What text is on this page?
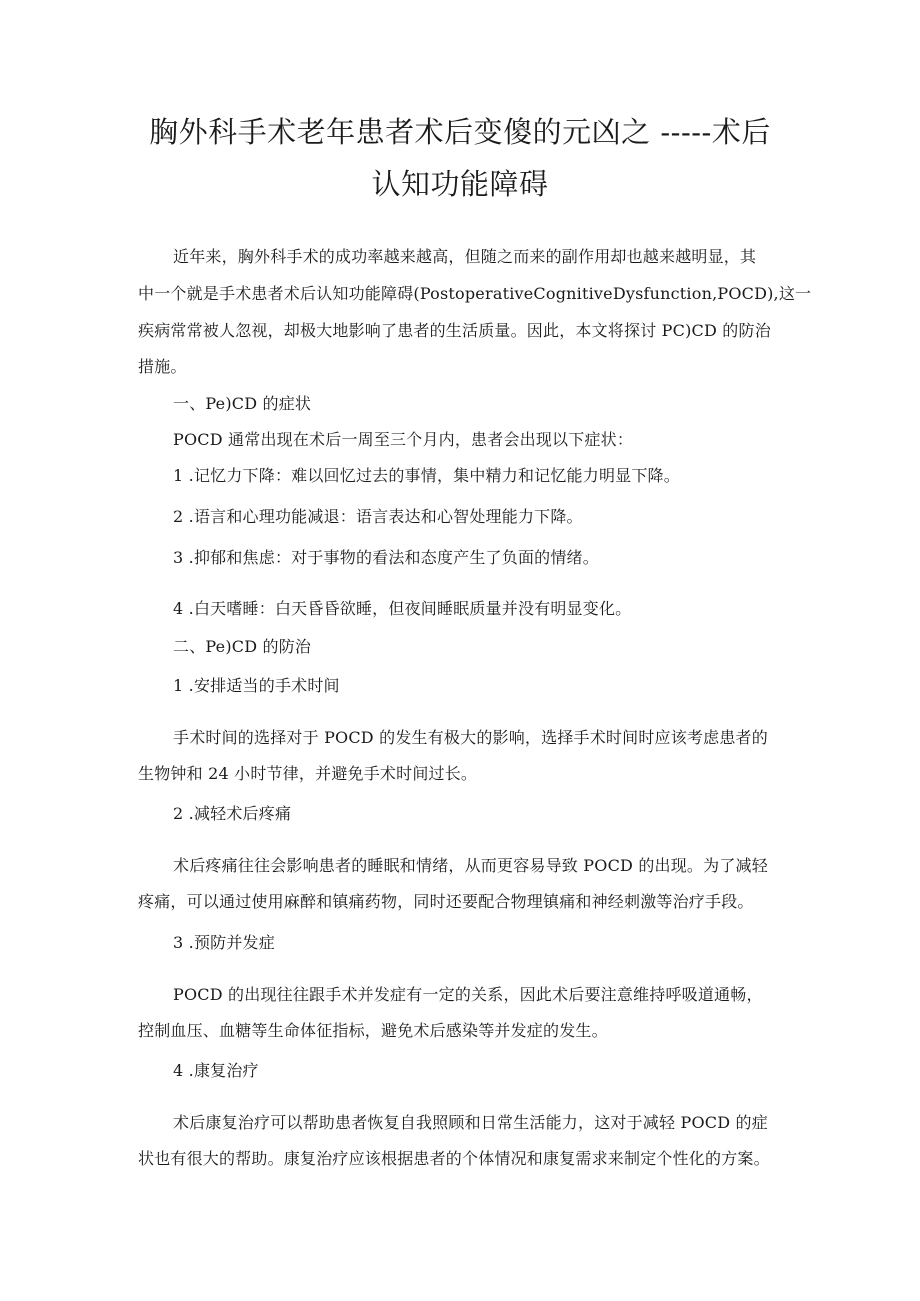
胸外科手术老年患者术后变傻的元凶之 -----术后
认知功能障碍
近年来，胸外科手术的成功率越来越高，但随之而来的副作用却也越来越明显，其
中一个就是手术患者术后认知功能障碍(PostoperativeCognitiveDysfunction,POCD),这一
疾病常常被人忽视，却极大地影响了患者的生活质量。因此，本文将探讨 PC)CD 的防治
措施。
一、Pe)CD 的症状
POCD 通常出现在术后一周至三个月内，患者会出现以下症状：
1 .记忆力下降：难以回忆过去的事情，集中精力和记忆能力明显下降。
2 .语言和心理功能减退：语言表达和心智处理能力下降。
3 .抑郁和焦虑：对于事物的看法和态度产生了负面的情绪。
4 .白天嗜睡：白天昏昏欲睡，但夜间睡眠质量并没有明显变化。
二、Pe)CD 的防治
1 .安排适当的手术时间
手术时间的选择对于 POCD 的发生有极大的影响，选择手术时间时应该考虑患者的
生物钟和 24 小时节律，并避免手术时间过长。
2 .减轻术后疼痛
术后疼痛往往会影响患者的睡眠和情绪，从而更容易导致 POCD 的出现。为了减轻
疼痛，可以通过使用麻醉和镇痛药物，同时还要配合物理镇痛和神经刺激等治疗手段。
3 .预防并发症
POCD 的出现往往跟手术并发症有一定的关系，因此术后要注意维持呼吸道通畅，
控制血压、血糖等生命体征指标，避免术后感染等并发症的发生。
4 .康复治疗
术后康复治疗可以帮助患者恢复自我照顾和日常生活能力，这对于减轻 POCD 的症
状也有很大的帮助。康复治疗应该根据患者的个体情况和康复需求来制定个性化的方案。
